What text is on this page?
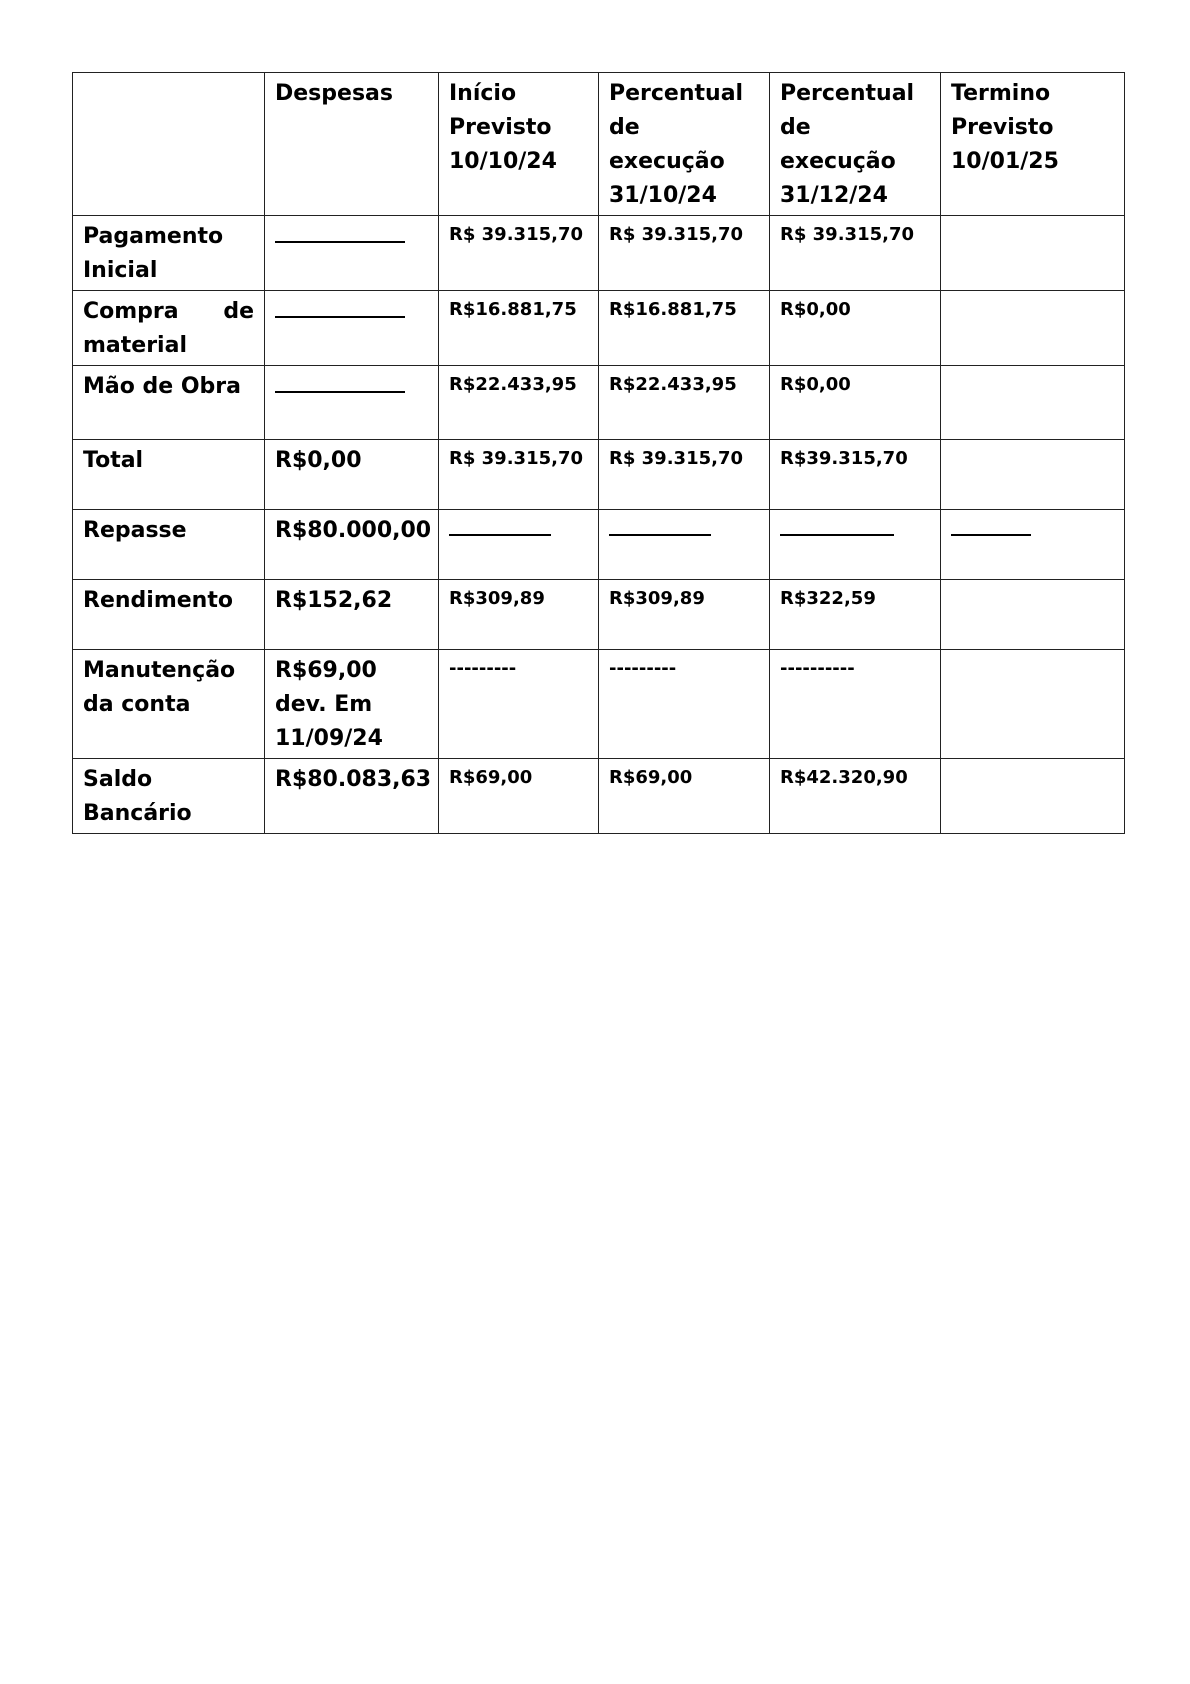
	Despesas	Início Previsto 10/10/24	Percentual de execução 31/10/24	Percentual de execução 31/12/24	Termino Previsto 10/01/25
Pagamento Inicial		R$ 39.315,70	R$ 39.315,70	R$ 39.315,70	

Compra de
material		R$16.881,75	R$16.881,75	R$0,00	
Mão de Obra		R$22.433,95	R$22.433,95	R$0,00	
Total	R$0,00	R$ 39.315,70	R$ 39.315,70	R$39.315,70	
Repasse	R$80.000,00				
Rendimento	R$152,62	R$309,89	R$309,89	R$322,59	
Manutenção da conta	R$69,00 dev. Em 11/09/24	---------	---------	----------	
Saldo Bancário	R$80.083,63	R$69,00	R$69,00	R$42.320,90	
